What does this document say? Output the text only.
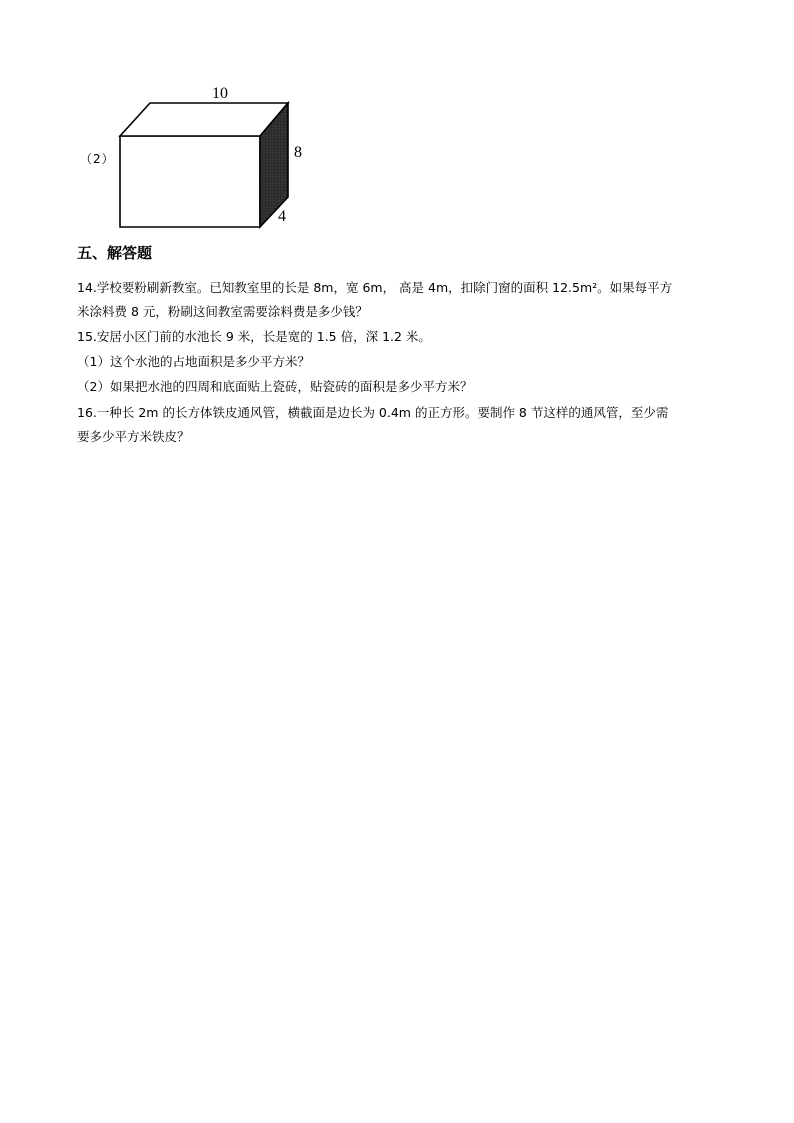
（2）
10
8
4
五、解答题
14.学校要粉刷新教室。已知教室里的长是 8m，宽 6m， 高是 4m，扣除门窗的面积 12.5m²。如果每平方
米涂料费 8 元，粉刷这间教室需要涂料费是多少钱？
15.安居小区门前的水池长 9 米，长是宽的 1.5 倍，深 1.2 米。
（1）这个水池的占地面积是多少平方米？
（2）如果把水池的四周和底面贴上瓷砖，贴瓷砖的面积是多少平方米？
16.一种长 2m 的长方体铁皮通风管，横截面是边长为 0.4m 的正方形。要制作 8 节这样的通风管，至少需
要多少平方米铁皮？
